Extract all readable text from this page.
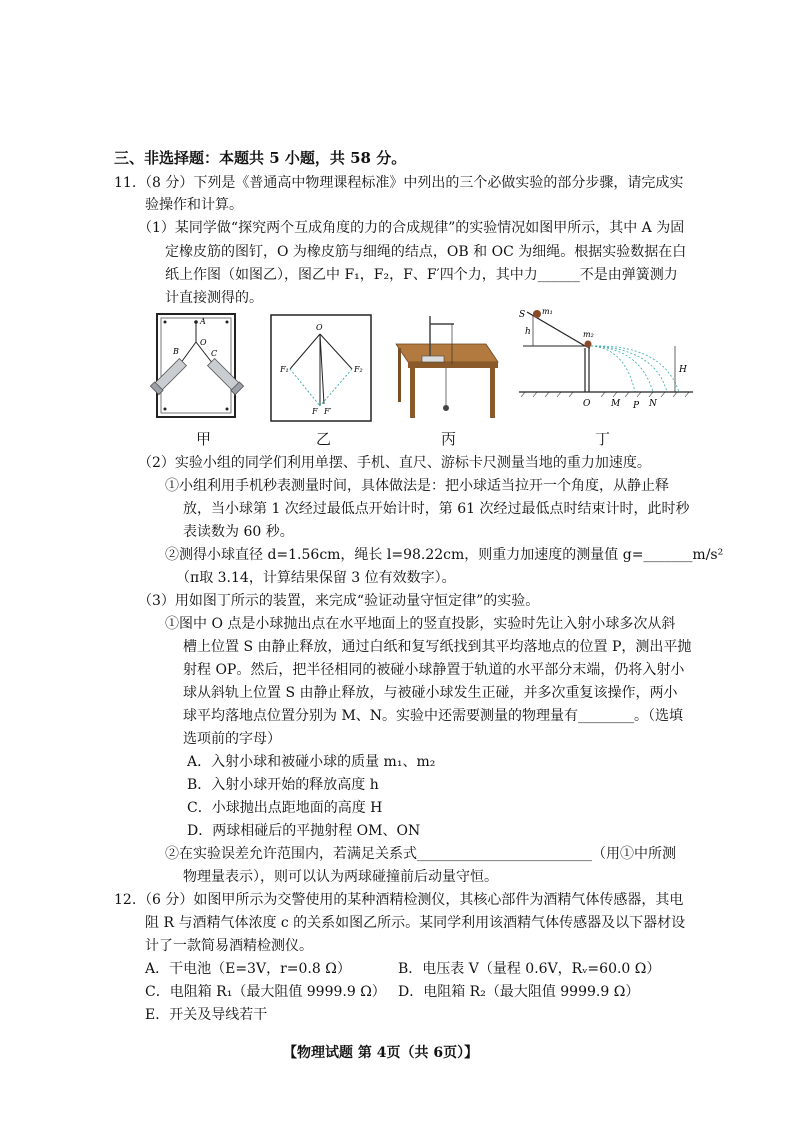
三、非选择题：本题共 5 小题，共 58 分。
11. （8 分）下列是《普通高中物理课程标准》中列出的三个必做实验的部分步骤，请完成实
验操作和计算。
（1）某同学做“探究两个互成角度的力的合成规律”的实验情况如图甲所示，其中 A 为固
定橡皮筋的图钉，O 为橡皮筋与细绳的结点，OB 和 OC 为细绳。根据实验数据在白
纸上作图（如图乙），图乙中 F₁，F₂，F、F′四个力，其中力______不是由弹簧测力
计直接测得的。
A
B
O
C
甲
O
F₁	F₂
F F′
乙	丙
S m₁
m₂
h
H
O M P N
丁
（2）实验小组的同学们利用单摆、手机、直尺、游标卡尺测量当地的重力加速度。
①小组利用手机秒表测量时间，具体做法是：把小球适当拉开一个角度，从静止释
放，当小球第 1 次经过最低点开始计时，第 61 次经过最低点时结束计时，此时秒
表读数为 60 秒。
②测得小球直径 d=1.56cm，绳长 l=98.22cm，则重力加速度的测量值 g=_______m/s²
（π取 3.14，计算结果保留 3 位有效数字）。
（3）用如图丁所示的装置，来完成“验证动量守恒定律”的实验。
①图中 O 点是小球抛出点在水平地面上的竖直投影，实验时先让入射小球多次从斜
槽上位置 S 由静止释放，通过白纸和复写纸找到其平均落地点的位置 P，测出平抛
射程 OP。然后，把半径相同的被碰小球静置于轨道的水平部分末端，仍将入射小
球从斜轨上位置 S 由静止释放，与被碰小球发生正碰，并多次重复该操作，两小
球平均落地点位置分别为 M、N。实验中还需要测量的物理量有________。（选填
选项前的字母）
A．入射小球和被碰小球的质量 m₁、m₂
B．入射小球开始的释放高度 h
C．小球抛出点距地面的高度 H
D．两球相碰后的平抛射程 OM、ON
②在实验误差允许范围内，若满足关系式_________________________（用①中所测
物理量表示），则可以认为两球碰撞前后动量守恒。
12. （6 分）如图甲所示为交警使用的某种酒精检测仪，其核心部件为酒精气体传感器，其电
阻 R 与酒精气体浓度 c 的关系如图乙所示。某同学利用该酒精气体传感器及以下器材设
计了一款简易酒精检测仪。
A．干电池（E=3V，r=0.8 Ω）	B．电压表 V（量程 0.6V，Rᵥ=60.0 Ω）
C．电阻箱 R₁（最大阻值 9999.9 Ω） D．电阻箱 R₂（最大阻值 9999.9 Ω）
E．开关及导线若干
【物理试题 第 4页（共 6页）】
